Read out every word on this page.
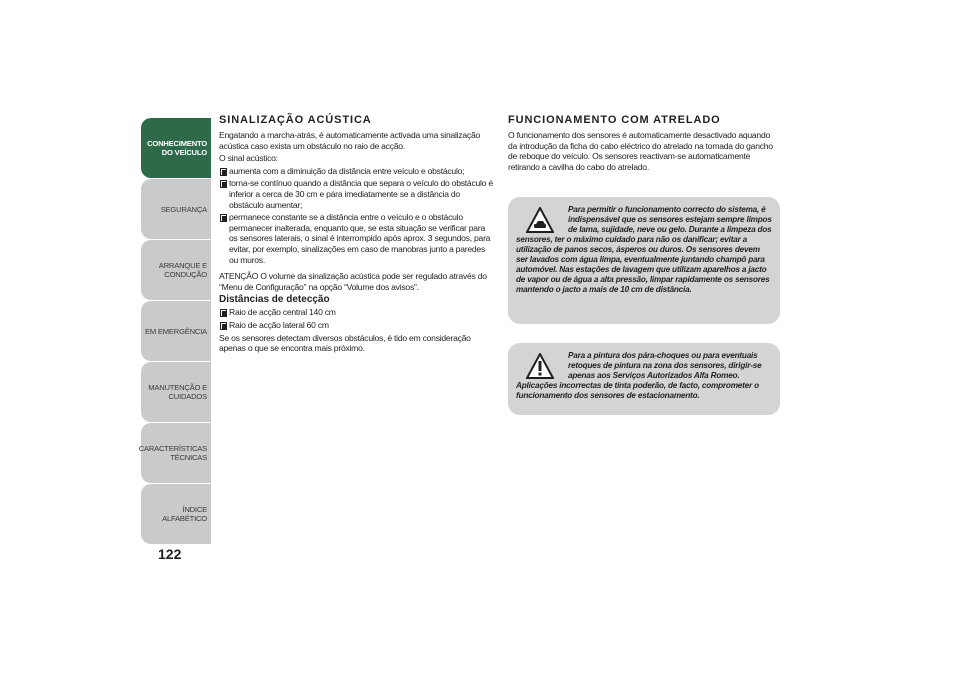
CONHECIMENTO
DO VEÍCULO
SEGURANÇA
ARRANQUE E
CONDUÇÃO
EM EMERGÊNCIA
MANUTENÇÃO E
CUIDADOS
CARACTERÍSTICAS
TÉCNICAS
ÍNDICE ALFABÉTICO
122
SINALIZAÇÃO ACÚSTICA

Engatando a marcha-atrás, é automaticamente activada uma sinalização acústica caso exista um obstáculo no raio de acção.

O sinal acústico:

aumenta com a diminuição da distância entre veículo e obstáculo;
torna-se contínuo quando a distância que separa o veículo do obstáculo é inferior a cerca de 30 cm e pára imediatamente se a distância do obstáculo aumentar;
permanece constante se a distância entre o veículo e o obstáculo permanecer inalterada, enquanto que, se esta situação se verificar para os sensores laterais, o sinal é interrompido após aprox. 3 segundos, para evitar, por exemplo, sinalizações em caso de manobras junto a paredes ou muros.

ATENÇÃO O volume da sinalização acústica pode ser regulado através do “Menu de Configuração" na opção “Volume dos avisos”.

Distâncias de detecção
Raio de acção central 140 cm
Raio de acção lateral 60 cm

Se os sensores detectam diversos obstáculos, é tido em consideração apenas o que se encontra mais próximo.

FUNCIONAMENTO COM ATRELADO

O funcionamento dos sensores é automaticamente desactivado aquando da introdução da ficha do cabo eléctrico do atrelado na tomada do gancho de reboque do veículo. Os sensores reactivam-se automaticamente retirando a cavilha do cabo do atrelado.

Para permitir o funcionamento correcto do sistema, é indispensável que os sensores estejam sempre limpos de lama, sujidade, neve ou gelo. Durante a limpeza dos sensores, ter o máximo cuidado para não os danificar; evitar a utilização de panos secos, ásperos ou duros. Os sensores devem ser lavados com água limpa, eventualmente juntando champô para automóvel. Nas estações de lavagem que utilizam aparelhos a jacto de vapor ou de água a alta pressão, limpar rapidamente os sensores mantendo o jacto a mais de 10 cm de distância.
Para a pintura dos pára-choques ou para eventuais retoques de pintura na zona dos sensores, dirigir-se apenas aos Serviços Autorizados Alfa Romeo. Aplicações incorrectas de tinta poderão, de facto, comprometer o funcionamento dos sensores de estacionamento.
